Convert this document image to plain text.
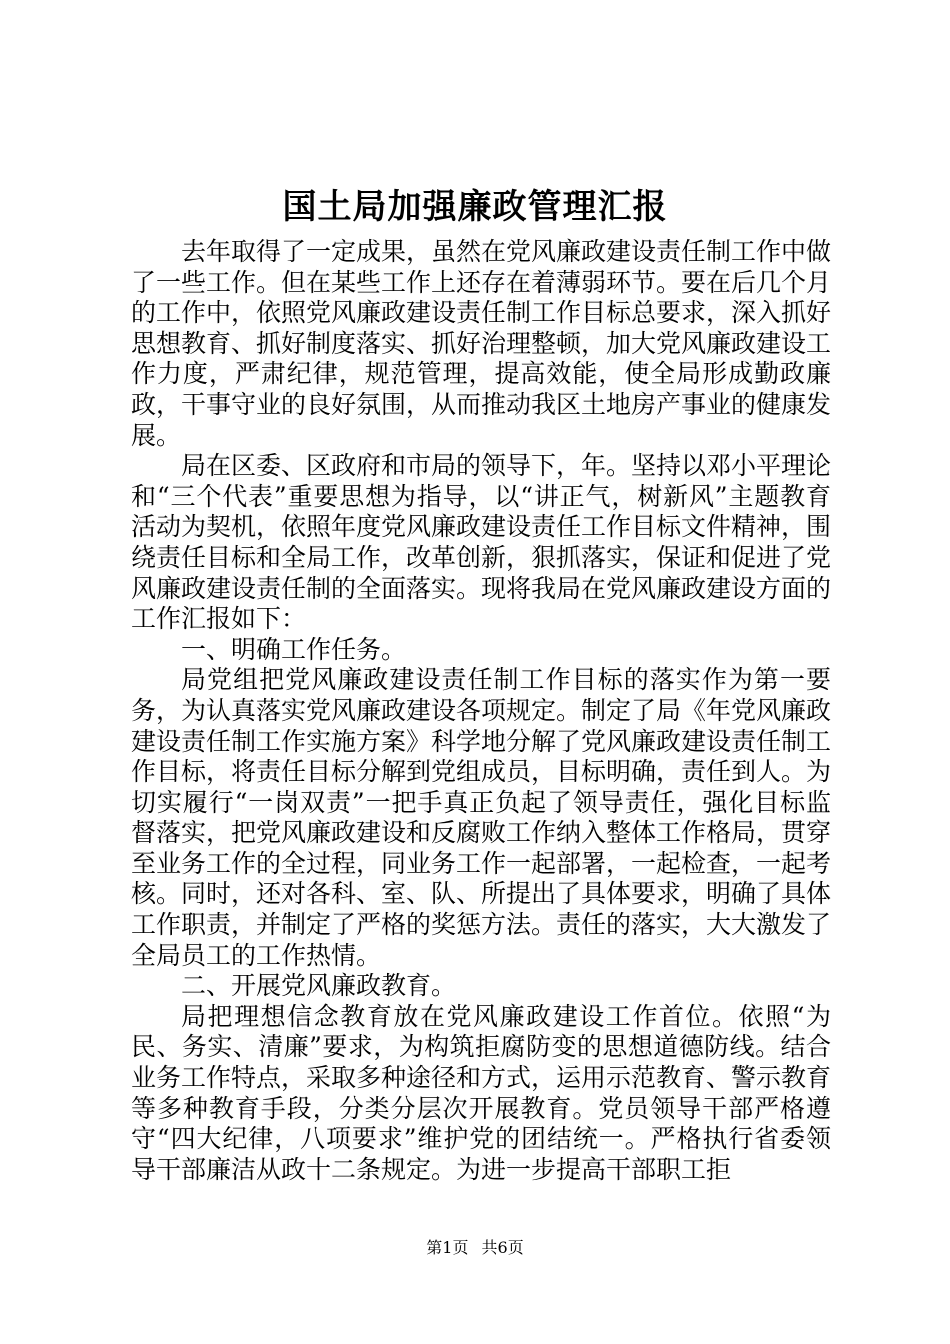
国土局加强廉政管理汇报

去年取得了一定成果，虽然在党风廉政建设责任制工作中做了一些工作。但在某些工作上还存在着薄弱环节。要在后几个月的工作中，依照党风廉政建设责任制工作目标总要求，深入抓好思想教育、抓好制度落实、抓好治理整顿，加大党风廉政建设工作力度，严肃纪律，规范管理，提高效能，使全局形成勤政廉政，干事守业的良好氛围，从而推动我区土地房产事业的健康发展。

局在区委、区政府和市局的领导下，年。坚持以邓小平理论和“三个代表”重要思想为指导，以“讲正气，树新风”主题教育活动为契机，依照年度党风廉政建设责任工作目标文件精神，围绕责任目标和全局工作，改革创新，狠抓落实，保证和促进了党风廉政建设责任制的全面落实。现将我局在党风廉政建设方面的工作汇报如下：

一、明确工作任务。

局党组把党风廉政建设责任制工作目标的落实作为第一要务，为认真落实党风廉政建设各项规定。制定了局《年党风廉政建设责任制工作实施方案》科学地分解了党风廉政建设责任制工作目标，将责任目标分解到党组成员，目标明确，责任到人。为切实履行“一岗双责”一把手真正负起了领导责任，强化目标监督落实，把党风廉政建设和反腐败工作纳入整体工作格局，贯穿至业务工作的全过程，同业务工作一起部署，一起检查，一起考核。同时，还对各科、室、队、所提出了具体要求，明确了具体工作职责，并制定了严格的奖惩方法。责任的落实，大大激发了全局员工的工作热情。

二、开展党风廉政教育。

局把理想信念教育放在党风廉政建设工作首位。依照“为民、务实、清廉”要求，为构筑拒腐防变的思想道德防线。结合业务工作特点，采取多种途径和方式，运用示范教育、警示教育等多种教育手段，分类分层次开展教育。党员领导干部严格遵守“四大纪律，八项要求”维护党的团结统一。严格执行省委领导干部廉洁从政十二条规定。为进一步提高干部职工拒

第1页 共6页
